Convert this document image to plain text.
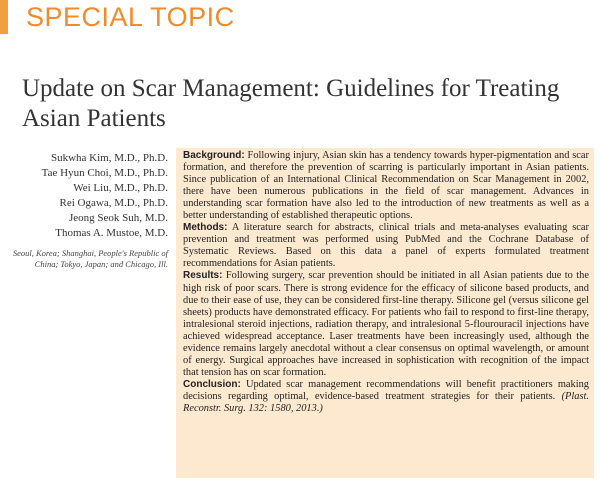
SPECIAL TOPIC
Update on Scar Management: Guidelines for Treating Asian Patients
Sukwha Kim, M.D., Ph.D.
Tae Hyun Choi, M.D., Ph.D.
Wei Liu, M.D., Ph.D.
Rei Ogawa, M.D., Ph.D.
Jeong Seok Suh, M.D.
Thomas A. Mustoe, M.D.
Seoul, Korea; Shanghai, People's Republic of China; Tokyo, Japan; and Chicago, Ill.

Background: Following injury, Asian skin has a tendency towards hyper-pigmentation and scar formation, and therefore the prevention of scarring is particularly important in Asian patients. Since publication of an International Clinical Recommendation on Scar Management in 2002, there have been numerous publications in the field of scar management. Advances in understanding scar formation have also led to the introduction of new treatments as well as a better understanding of established therapeutic options.

Methods: A literature search for abstracts, clinical trials and meta-analyses evaluating scar prevention and treatment was performed using PubMed and the Cochrane Database of Systematic Reviews. Based on this data a panel of experts formulated treatment recommendations for Asian patients.

Results: Following surgery, scar prevention should be initiated in all Asian patients due to the high risk of poor scars. There is strong evidence for the efficacy of silicone based products, and due to their ease of use, they can be considered first-line therapy. Silicone gel (versus silicone gel sheets) products have demonstrated efficacy. For patients who fail to respond to first-line therapy, intralesional steroid injections, radiation therapy, and intralesional 5-flourouracil injections have achieved widespread acceptance. Laser treatments have been increasingly used, although the evidence remains largely anecdotal without a clear consensus on optimal wavelength, or amount of energy. Surgical approaches have increased in sophistication with recognition of the impact that tension has on scar formation.

Conclusion: Updated scar management recommendations will benefit practitioners making decisions regarding optimal, evidence-based treatment strategies for their patients. (Plast. Reconstr. Surg. 132: 1580, 2013.)
